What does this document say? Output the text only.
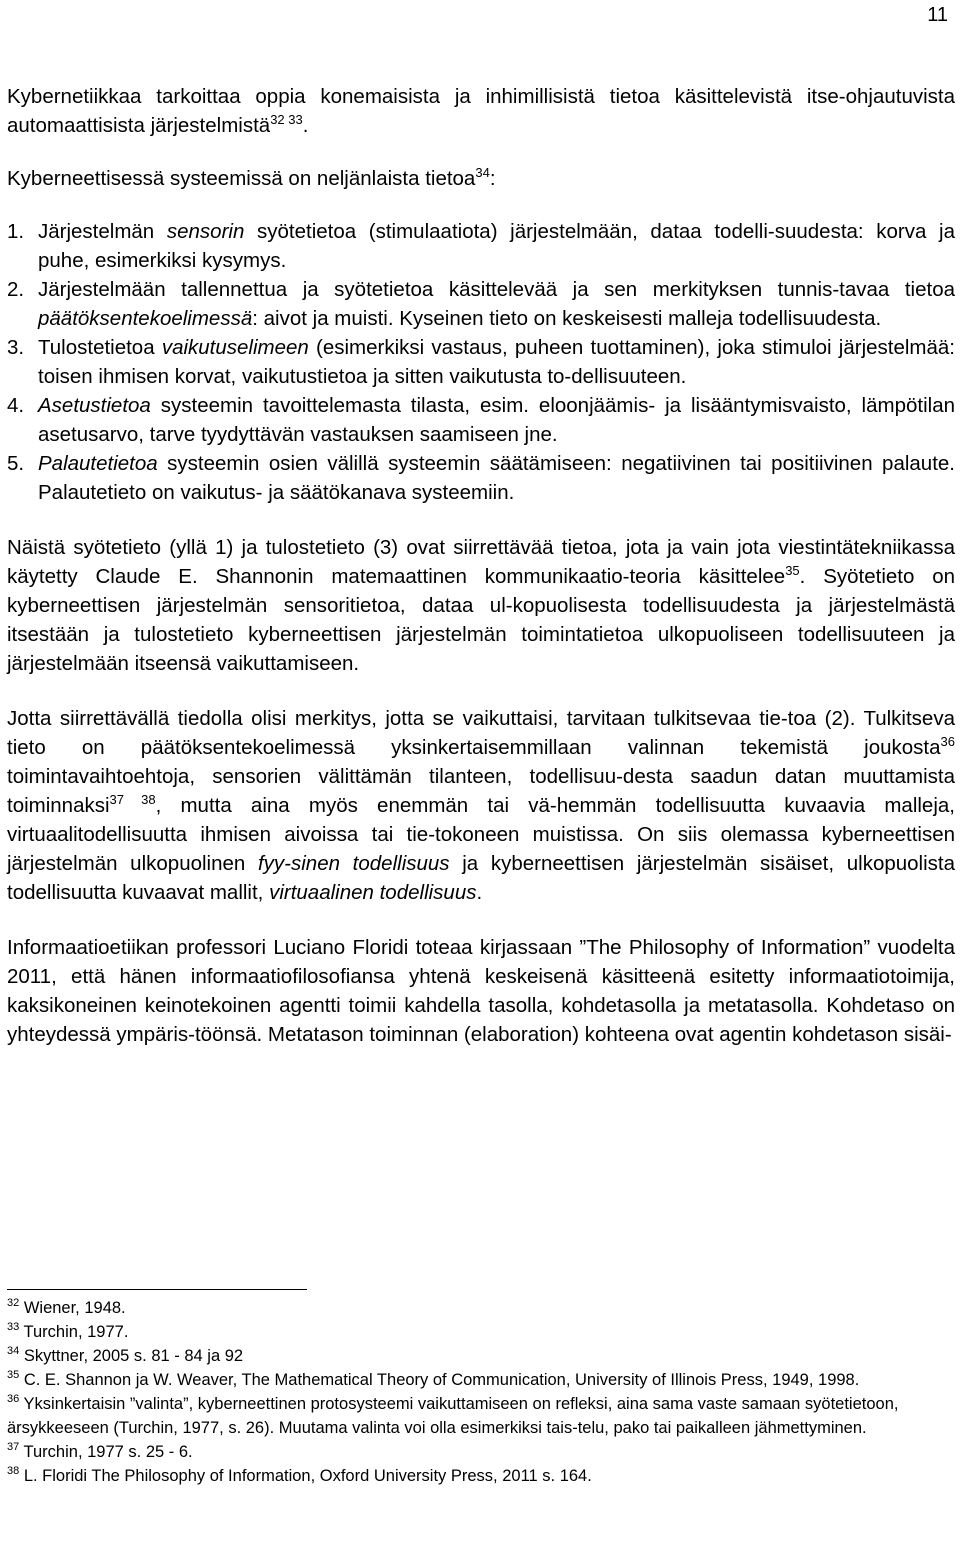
11

Kybernetiikkaa tarkoittaa oppia konemaisista ja inhimillisistä tietoa käsittelevistä itse-ohjautuvista automaattisista järjestelmistä$^{32 33}$.

Kyberneettisessä systeemissä on neljänlaista tietoa$^{34}$:

1. Järjestelmän sensorin syötetietoa (stimulaatiota) järjestelmään, dataa todelli-suudesta: korva ja puhe, esimerkiksi kysymys.

2. Järjestelmään tallennettua ja syötetietoa käsittelevää ja sen merkityksen tunnis-tavaa tietoa päätöksentekoelimessä: aivot ja muisti. Kyseinen tieto on keskeisesti malleja todellisuudesta.

3. Tulostetietoa vaikutuselimeen (esimerkiksi vastaus, puheen tuottaminen), joka stimuloi järjestelmää: toisen ihmisen korvat, vaikutustietoa ja sitten vaikutusta to-dellisuuteen.

4. Asetustietoa systeemin tavoittelemasta tilasta, esim. eloonjäämis- ja lisääntymisvaisto, lämpötilan asetusarvo, tarve tyydyttävän vastauksen saamiseen jne.

5. Palautetietoa systeemin osien välillä systeemin säätämiseen: negatiivinen tai positiivinen palaute. Palautetieto on vaikutus- ja säätökanava systeemiin.

Näistä syötetieto (yllä 1) ja tulostetieto (3) ovat siirrettävää tietoa, jota ja vain jota viestintätekniikassa käytetty Claude E. Shannonin matemaattinen kommunikaatio-teoria käsittelee$^{35}$. Syötetieto on kyberneettisen järjestelmän sensoritietoa, dataa ul-kopuolisesta todellisuudesta ja järjestelmästä itsestään ja tulostetieto kyberneettisen järjestelmän toimintatietoa ulkopuoliseen todellisuuteen ja järjestelmään itseensä vaikuttamiseen.

Jotta siirrettävällä tiedolla olisi merkitys, jotta se vaikuttaisi, tarvitaan tulkitsevaa tie-toa (2). Tulkitseva tieto on päätöksentekoelimessä yksinkertaisemmillaan valinnan tekemistä joukosta$^{36}$ toimintavaihtoehtoja, sensorien välittämän tilanteen, todellisuu-desta saadun datan muuttamista toiminnaksi$^{37 38}$, mutta aina myös enemmän tai vä-hemmän todellisuutta kuvaavia malleja, virtuaalitodellisuutta ihmisen aivoissa tai tie-tokoneen muistissa. On siis olemassa kyberneettisen järjestelmän ulkopuolinen fyy-sinen todellisuus ja kyberneettisen järjestelmän sisäiset, ulkopuolista todellisuutta kuvaavat mallit, virtuaalinen todellisuus.

Informaatioetiikan professori Luciano Floridi toteaa kirjassaan ”The Philosophy of Information” vuodelta 2011, että hänen informaatiofilosofiansa yhtenä keskeisenä käsitteenä esitetty informaatiotoimija, kaksikoneinen keinotekoinen agentti toimii kahdella tasolla, kohdetasolla ja metatasolla. Kohdetaso on yhteydessä ympäris-töönsä. Metatason toiminnan (elaboration) kohteena ovat agentin kohdetason sisäi-

$^{32}$ Wiener, 1948.

$^{33}$ Turchin, 1977.

$^{34}$ Skyttner, 2005 s. 81 - 84 ja 92

$^{35}$ C. E. Shannon ja W. Weaver, The Mathematical Theory of Communication, University of Illinois Press, 1949, 1998.

$^{36}$ Yksinkertaisin ”valinta”, kyberneettinen protosysteemi vaikuttamiseen on refleksi, aina sama vaste samaan syötetietoon, ärsykkeeseen (Turchin, 1977, s. 26). Muutama valinta voi olla esimerkiksi tais-telu, pako tai paikalleen jähmettyminen.

$^{37}$ Turchin, 1977 s. 25 - 6.

$^{38}$ L. Floridi The Philosophy of Information, Oxford University Press, 2011 s. 164.
